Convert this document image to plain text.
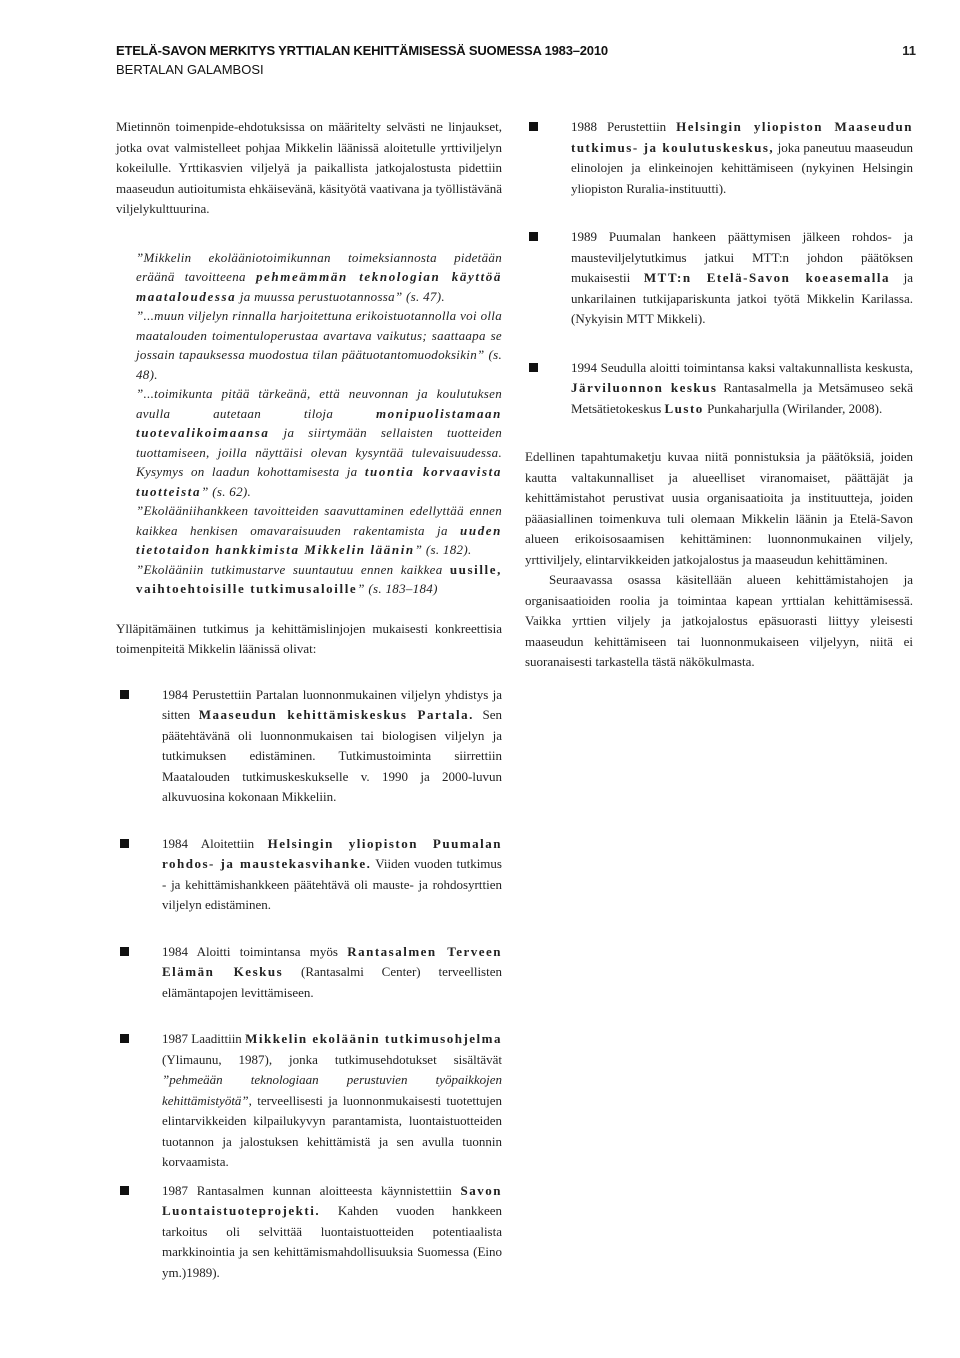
ETELÄ-SAVON MERKITYS YRTTIALAN KEHITTÄMISESSÄ SUOMESSA 1983–2010
BERTALAN GALAMBOSI
11

Mietinnön toimenpide-ehdotuksissa on määritelty selvästi ne linjaukset, jotka ovat valmistelleet pohjaa Mikkelin läänissä aloitetulle yrttiviljelyn kokeilulle. Yrttikasvien viljelyä ja paikallista jatkojalostusta pidettiin maaseudun autioitumista ehkäisevänä, käsityötä vaativana ja työllistävänä viljelykulttuurina.

”Mikkelin ekolääniotoimikunnan toimeksiannosta pidetään eräänä tavoitteena pehmeämmän teknologian käyttöä maataloudessa ja muussa perustuotannossa” (s. 47).

”...muun viljelyn rinnalla harjoitettuna erikoistuotannolla voi olla maatalouden toimentuloperustaa avartava vaikutus; saattaapa se jossain tapauksessa muodostua tilan päätuotantomuodoksikin” (s. 48).

”...toimikunta pitää tärkeänä, että neuvonnan ja koulutuksen avulla autetaan tiloja monipuolistamaan tuotevalikoimaansa ja siirtymään sellaisten tuotteiden tuottamiseen, joilla näyttäisi olevan kysyntää tulevaisuudessa. Kysymys on laadun kohottamisesta ja tuontia korvaavista tuotteista” (s. 62).

”Ekolääniihankkeen tavoitteiden saavuttaminen edellyttää ennen kaikkea henkisen omavaraisuuden rakentamista ja uuden tietotaidon hankkimista Mikkelin läänin” (s. 182).

”Ekolääniin tutkimustarve suuntautuu ennen kaikkea uusille, vaihtoehtoisille tutkimusaloille” (s. 183–184)

Ylläpitämäinen tutkimus ja kehittämislinjojen mukaisesti konkreettisia toimenpiteitä Mikkelin läänissä olivat:

1984 Perustettiin Partalan luonnonmukainen viljelyn yhdistys ja sitten Maaseudun kehittämiskeskus Partala. Sen päätehtävänä oli luonnonmukaisen tai biologisen viljelyn ja tutkimuksen edistäminen. Tutkimustoiminta siirrettiin Maatalouden tutkimuskeskukselle v. 1990 ja 2000-luvun alkuvuosina kokonaan Mikkeliin.
1984 Aloitettiin Helsingin yliopiston Puumalan rohdos- ja maustekasvihanke. Viiden vuoden tutkimus - ja kehittämishankkeen päätehtävä oli mauste- ja rohdosyrttien viljelyn edistäminen.
1984 Aloitti toimintansa myös Rantasalmen Terveen Elämän Keskus (Rantasalmi Center) terveellisten elämäntapojen levittämiseen.
1987 Laadittiin Mikkelin ekoläänin tutkimusohjelma (Ylimaunu, 1987), jonka tutkimusehdotukset sisältävät ”pehmeään teknologiaan perustuvien työpaikkojen kehittämistyötä”, terveellisesti ja luonnonmukaisesti tuotettujen elintarvikkeiden kilpailukyvyn parantamista, luontaistuotteiden tuotannon ja jalostuksen kehittämistä ja sen avulla tuonnin korvaamista.
1987 Rantasalmen kunnan aloitteesta käynnistettiin Savon Luontaistuoteprojekti. Kahden vuoden hankkeen tarkoitus oli selvittää luontaistuotteiden potentiaalista markkinointia ja sen kehittämismahdollisuuksia Suomessa (Eino ym.)1989).
1988 Perustettiin Helsingin yliopiston Maaseudun tutkimus- ja koulutuskeskus, joka paneutuu maaseudun elinolojen ja elinkeinojen kehittämiseen (nykyinen Helsingin yliopiston Ruralia-instituutti).
1989 Puumalan hankeen päättymisen jälkeen rohdos- ja mausteviljelytutkimus jatkui MTT:n johdon päätöksen mukaisestii MTT:n Etelä-Savon koeasemalla ja unkarilainen tutkijapariskunta jatkoi työtä Mikkelin Karilassa. (Nykyisin MTT Mikkeli).
1994 Seudulla aloitti toimintansa kaksi valtakunnallista keskusta, Järviluonnon keskus Rantasalmella ja Metsämuseo sekä Metsätietokeskus Lusto Punkaharjulla (Wirilander, 2008).

Edellinen tapahtumaketju kuvaa niitä ponnistuksia ja päätöksiä, joiden kautta valtakunnalliset ja alueelliset viranomaiset, päättäjät ja kehittämistahot perustivat uusia organisaatioita ja instituutteja, joiden pääasiallinen toimenkuva tuli olemaan Mikkelin läänin ja Etelä-Savon alueen erikoisosaamisen kehittäminen: luonnonmukainen viljely, yrttiviljely, elintarvikkeiden jatkojalostus ja maaseudun kehittäminen.

Seuraavassa osassa käsitellään alueen kehittämistahojen ja organisaatioiden roolia ja toimintaa kapean yrttialan kehittämisessä. Vaikka yrttien viljely ja jatkojalostus epäsuorasti liittyy yleisesti maaseudun kehittämiseen tai luonnonmukaiseen viljelyyn, niitä ei suoranaisesti tarkastella tästä näkökulmasta.
